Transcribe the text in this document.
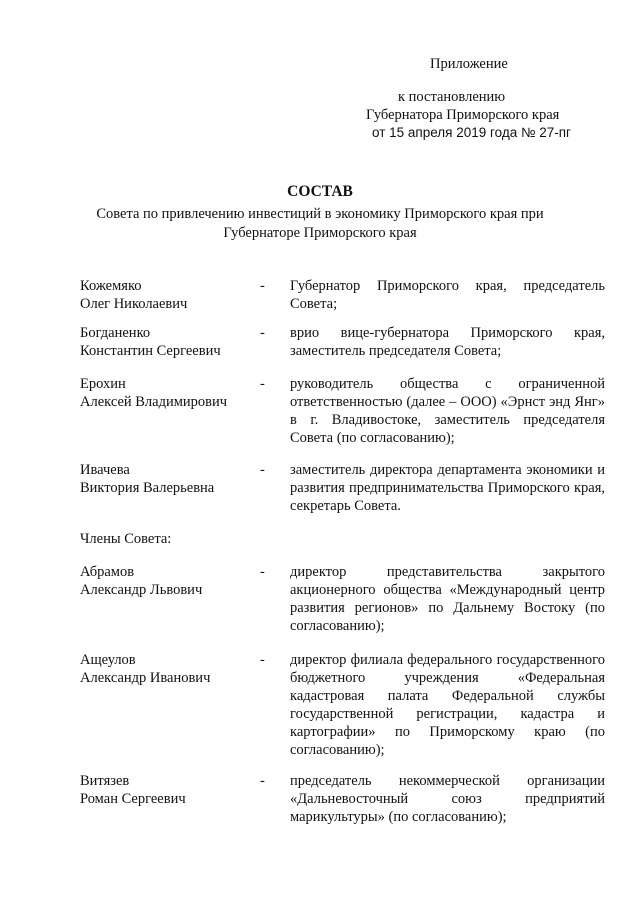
Приложение
к постановлению
Губернатора Приморского края
от 15 апреля 2019 года № 27-пг
СОСТАВ
Совета по привлечению инвестиций в экономику Приморского края при Губернаторе Приморского края
Кожемяко
Олег Николаевич
- Губернатор Приморского края, председатель Совета;
Богданенко
Константин Сергеевич
- врио вице-губернатора Приморского края, заместитель председателя Совета;
Ерохин
Алексей Владимирович
- руководитель общества с ограниченной ответственностью (далее – ООО) «Эрнст энд Янг» в г. Владивостоке, заместитель председателя Совета (по согласованию);
Ивачева
Виктория Валерьевна
- заместитель директора департамента экономики и развития предпринимательства Приморского края, секретарь Совета.
Члены Совета:
Абрамов
Александр Львович
- директор представительства закрытого акционерного общества «Международный центр развития регионов» по Дальнему Востоку (по согласованию);
Ащеулов
Александр Иванович
- директор филиала федерального государственного бюджетного учреждения «Федеральная кадастровая палата Федеральной службы государственной регистрации, кадастра и картографии» по Приморскому краю (по согласованию);
Витязев
Роман Сергеевич
- председатель некоммерческой организации «Дальневосточный союз предприятий марикультуры» (по согласованию);
